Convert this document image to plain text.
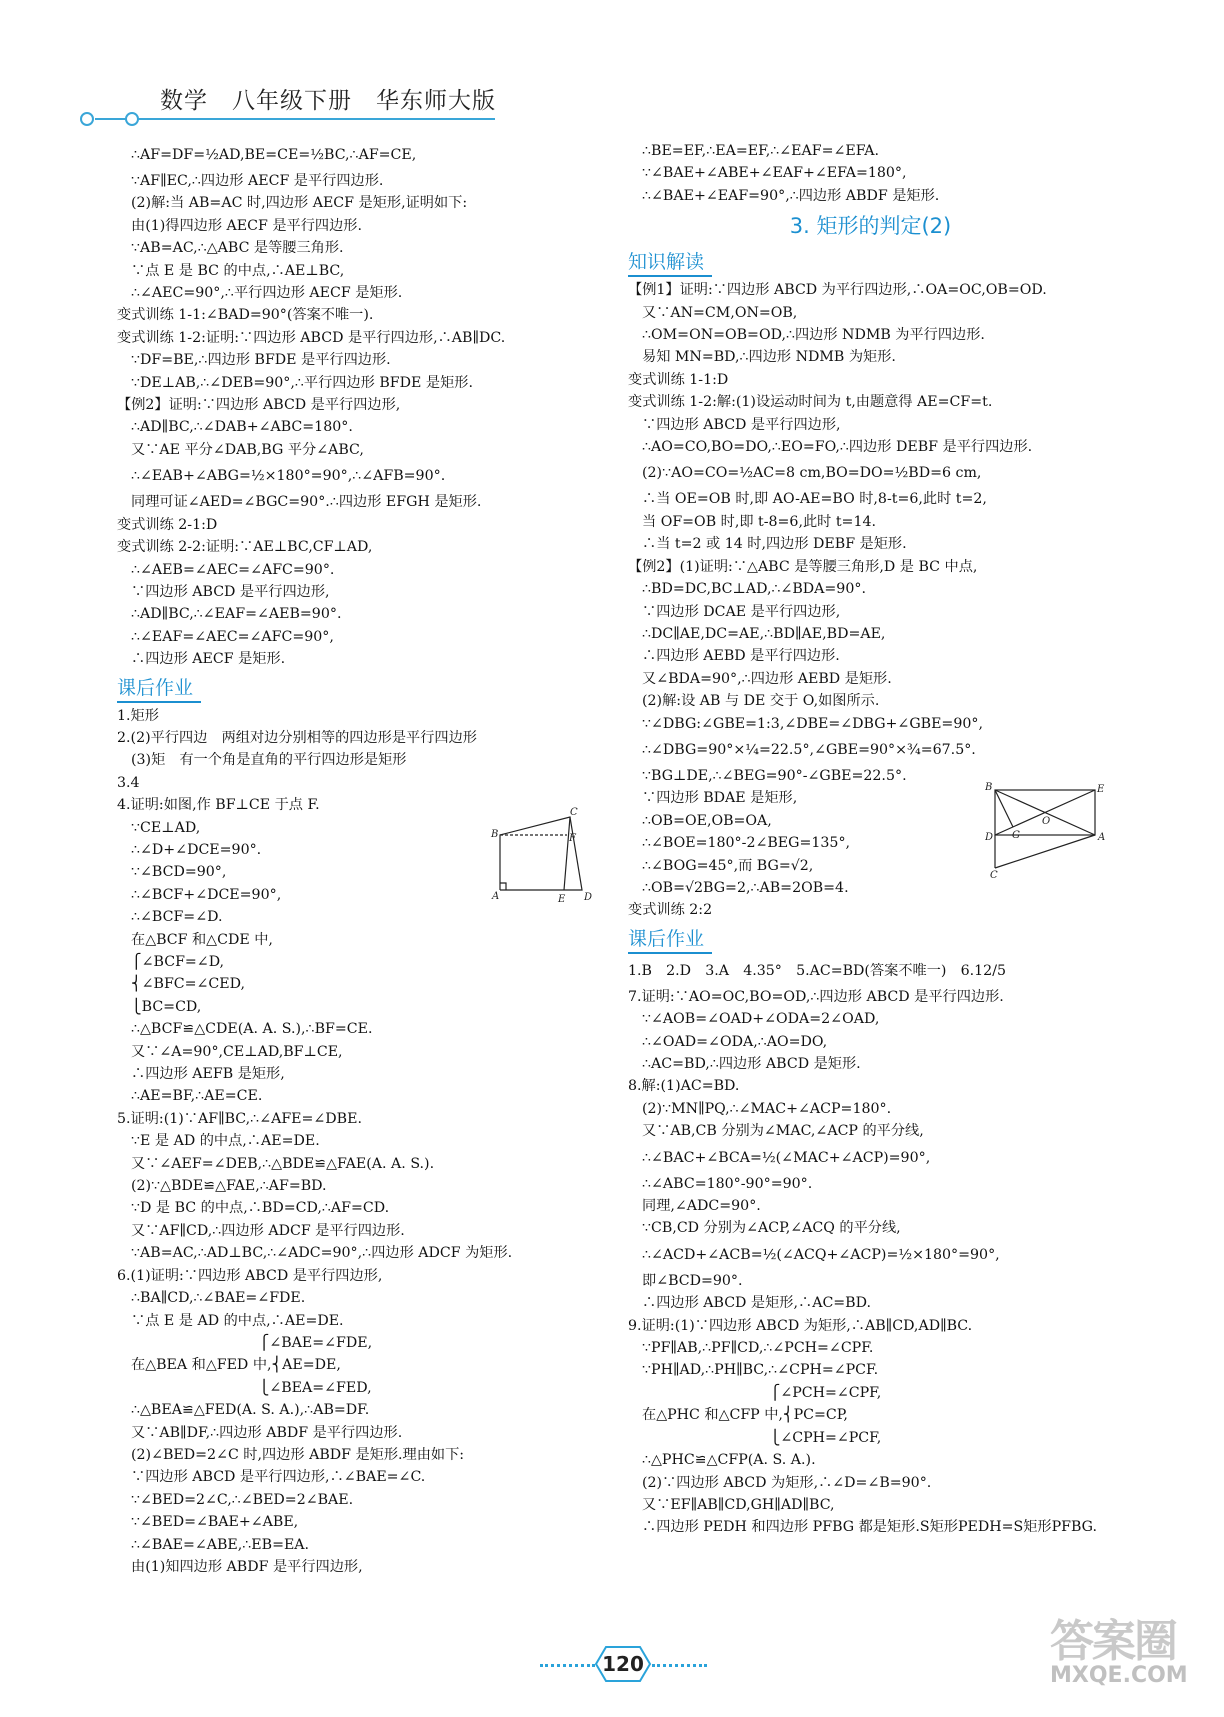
数学　八年级下册　华东师大版
∴AF=DF=½AD,BE=CE=½BC,∴AF=CE,
∵AF∥EC,∴四边形 AECF 是平行四边形.
(2)解:当 AB=AC 时,四边形 AECF 是矩形,证明如下:
由(1)得四边形 AECF 是平行四边形.
∵AB=AC,∴△ABC 是等腰三角形.
∵点 E 是 BC 的中点,∴AE⊥BC,
∴∠AEC=90°,∴平行四边形 AECF 是矩形.
变式训练 1-1:∠BAD=90°(答案不唯一).
变式训练 1-2:证明:∵四边形 ABCD 是平行四边形,∴AB∥DC.
∵DF=BE,∴四边形 BFDE 是平行四边形.
∵DE⊥AB,∴∠DEB=90°,∴平行四边形 BFDE 是矩形.
【例2】证明:∵四边形 ABCD 是平行四边形,
∴AD∥BC,∴∠DAB+∠ABC=180°.
又∵AE 平分∠DAB,BG 平分∠ABC,
∴∠EAB+∠ABG=½×180°=90°,∴∠AFB=90°.
同理可证∠AED=∠BGC=90°.∴四边形 EFGH 是矩形.
变式训练 2-1:D
变式训练 2-2:证明:∵AE⊥BC,CF⊥AD,
∴∠AEB=∠AEC=∠AFC=90°.
∵四边形 ABCD 是平行四边形,
∴AD∥BC,∴∠EAF=∠AEB=90°.
∴∠EAF=∠AEC=∠AFC=90°,
∴四边形 AECF 是矩形.
课后作业
1.矩形
2.(2)平行四边　两组对边分别相等的四边形是平行四边形
(3)矩　有一个角是直角的平行四边形是矩形
3.4
4.证明:如图,作 BF⊥CE 于点 F.
∵CE⊥AD,
∴∠D+∠DCE=90°.
∵∠BCD=90°,
∴∠BCF+∠DCE=90°,
∴∠BCF=∠D.
在△BCF 和△CDE 中,
⎧∠BCF=∠D,
⎨∠BFC=∠CED,
⎩BC=CD,
∴△BCF≌△CDE(A. A. S.),∴BF=CE.
又∵∠A=90°,CE⊥AD,BF⊥CE,
∴四边形 AEFB 是矩形,
∴AE=BF,∴AE=CE.
5.证明:(1)∵AF∥BC,∴∠AFE=∠DBE.
∵E 是 AD 的中点,∴AE=DE.
又∵∠AEF=∠DEB,∴△BDE≌△FAE(A. A. S.).
(2)∵△BDE≌△FAE,∴AF=BD.
∵D 是 BC 的中点,∴BD=CD,∴AF=CD.
又∵AF∥CD,∴四边形 ADCF 是平行四边形.
∵AB=AC,∴AD⊥BC,∴∠ADC=90°,∴四边形 ADCF 为矩形.
6.(1)证明:∵四边形 ABCD 是平行四边形,
∴BA∥CD,∴∠BAE=∠FDE.
∵点 E 是 AD 的中点,∴AE=DE.
　　　　　　　　　⎧∠BAE=∠FDE,
在△BEA 和△FED 中,⎨AE=DE,
　　　　　　　　　⎩∠BEA=∠FED,
∴△BEA≌△FED(A. S. A.),∴AB=DF.
又∵AB∥DF,∴四边形 ABDF 是平行四边形.
(2)∠BED=2∠C 时,四边形 ABDF 是矩形.理由如下:
∵四边形 ABCD 是平行四边形,∴∠BAE=∠C.
∵∠BED=2∠C,∴∠BED=2∠BAE.
∵∠BED=∠BAE+∠ABE,
∴∠BAE=∠ABE,∴EB=EA.
由(1)知四边形 ABDF 是平行四边形,
∴BE=EF,∴EA=EF,∴∠EAF=∠EFA.
∵∠BAE+∠ABE+∠EAF+∠EFA=180°,
∴∠BAE+∠EAF=90°,∴四边形 ABDF 是矩形.
3. 矩形的判定(2)
知识解读
【例1】证明:∵四边形 ABCD 为平行四边形,∴OA=OC,OB=OD.
又∵AN=CM,ON=OB,
∴OM=ON=OB=OD,∴四边形 NDMB 为平行四边形.
易知 MN=BD,∴四边形 NDMB 为矩形.
变式训练 1-1:D
变式训练 1-2:解:(1)设运动时间为 t,由题意得 AE=CF=t.
∵四边形 ABCD 是平行四边形,
∴AO=CO,BO=DO,∴EO=FO,∴四边形 DEBF 是平行四边形.
(2)∵AO=CO=½AC=8 cm,BO=DO=½BD=6 cm,
∴当 OE=OB 时,即 AO-AE=BO 时,8-t=6,此时 t=2,
当 OF=OB 时,即 t-8=6,此时 t=14.
∴当 t=2 或 14 时,四边形 DEBF 是矩形.
【例2】(1)证明:∵△ABC 是等腰三角形,D 是 BC 中点,
∴BD=DC,BC⊥AD,∴∠BDA=90°.
∵四边形 DCAE 是平行四边形,
∴DC∥AE,DC=AE,∴BD∥AE,BD=AE,
∴四边形 AEBD 是平行四边形.
又∠BDA=90°,∴四边形 AEBD 是矩形.
(2)解:设 AB 与 DE 交于 O,如图所示.
∵∠DBG:∠GBE=1:3,∠DBE=∠DBG+∠GBE=90°,
∴∠DBG=90°×¼=22.5°,∠GBE=90°×¾=67.5°.
∵BG⊥DE,∴∠BEG=90°-∠GBE=22.5°.
∵四边形 BDAE 是矩形,
∴OB=OE,OB=OA,
∴∠BOE=180°-2∠BEG=135°,
∴∠BOG=45°,而 BG=√2,
∴OB=√2BG=2,∴AB=2OB=4.
变式训练 2:2
课后作业
1.B　2.D　3.A　4.35°　5.AC=BD(答案不唯一)　6.12/5
7.证明:∵AO=OC,BO=OD,∴四边形 ABCD 是平行四边形.
∵∠AOB=∠OAD+∠ODA=2∠OAD,
∴∠OAD=∠ODA,∴AO=DO,
∴AC=BD,∴四边形 ABCD 是矩形.
8.解:(1)AC=BD.
(2)∵MN∥PQ,∴∠MAC+∠ACP=180°.
又∵AB,CB 分别为∠MAC,∠ACP 的平分线,
∴∠BAC+∠BCA=½(∠MAC+∠ACP)=90°,
∴∠ABC=180°-90°=90°.
同理,∠ADC=90°.
∵CB,CD 分别为∠ACP,∠ACQ 的平分线,
∴∠ACD+∠ACB=½(∠ACQ+∠ACP)=½×180°=90°,
即∠BCD=90°.
∴四边形 ABCD 是矩形,∴AC=BD.
9.证明:(1)∵四边形 ABCD 为矩形,∴AB∥CD,AD∥BC.
∵PF∥AB,∴PF∥CD,∴∠PCH=∠CPF.
∵PH∥AD,∴PH∥BC,∴∠CPH=∠PCF.
　　　　　　　　　⎧∠PCH=∠CPF,
在△PHC 和△CFP 中,⎨PC=CP,
　　　　　　　　　⎩∠CPH=∠PCF,
∴△PHC≌△CFP(A. S. A.).
(2)∵四边形 ABCD 为矩形,∴∠D=∠B=90°.
又∵EF∥AB∥CD,GH∥AD∥BC,
∴四边形 PEDH 和四边形 PFBG 都是矩形.S矩形PEDH=S矩形PFBG.
A
B
C
D
E
F
B	E
O
D G	A
C
120	答案圈
MXQE.COM
